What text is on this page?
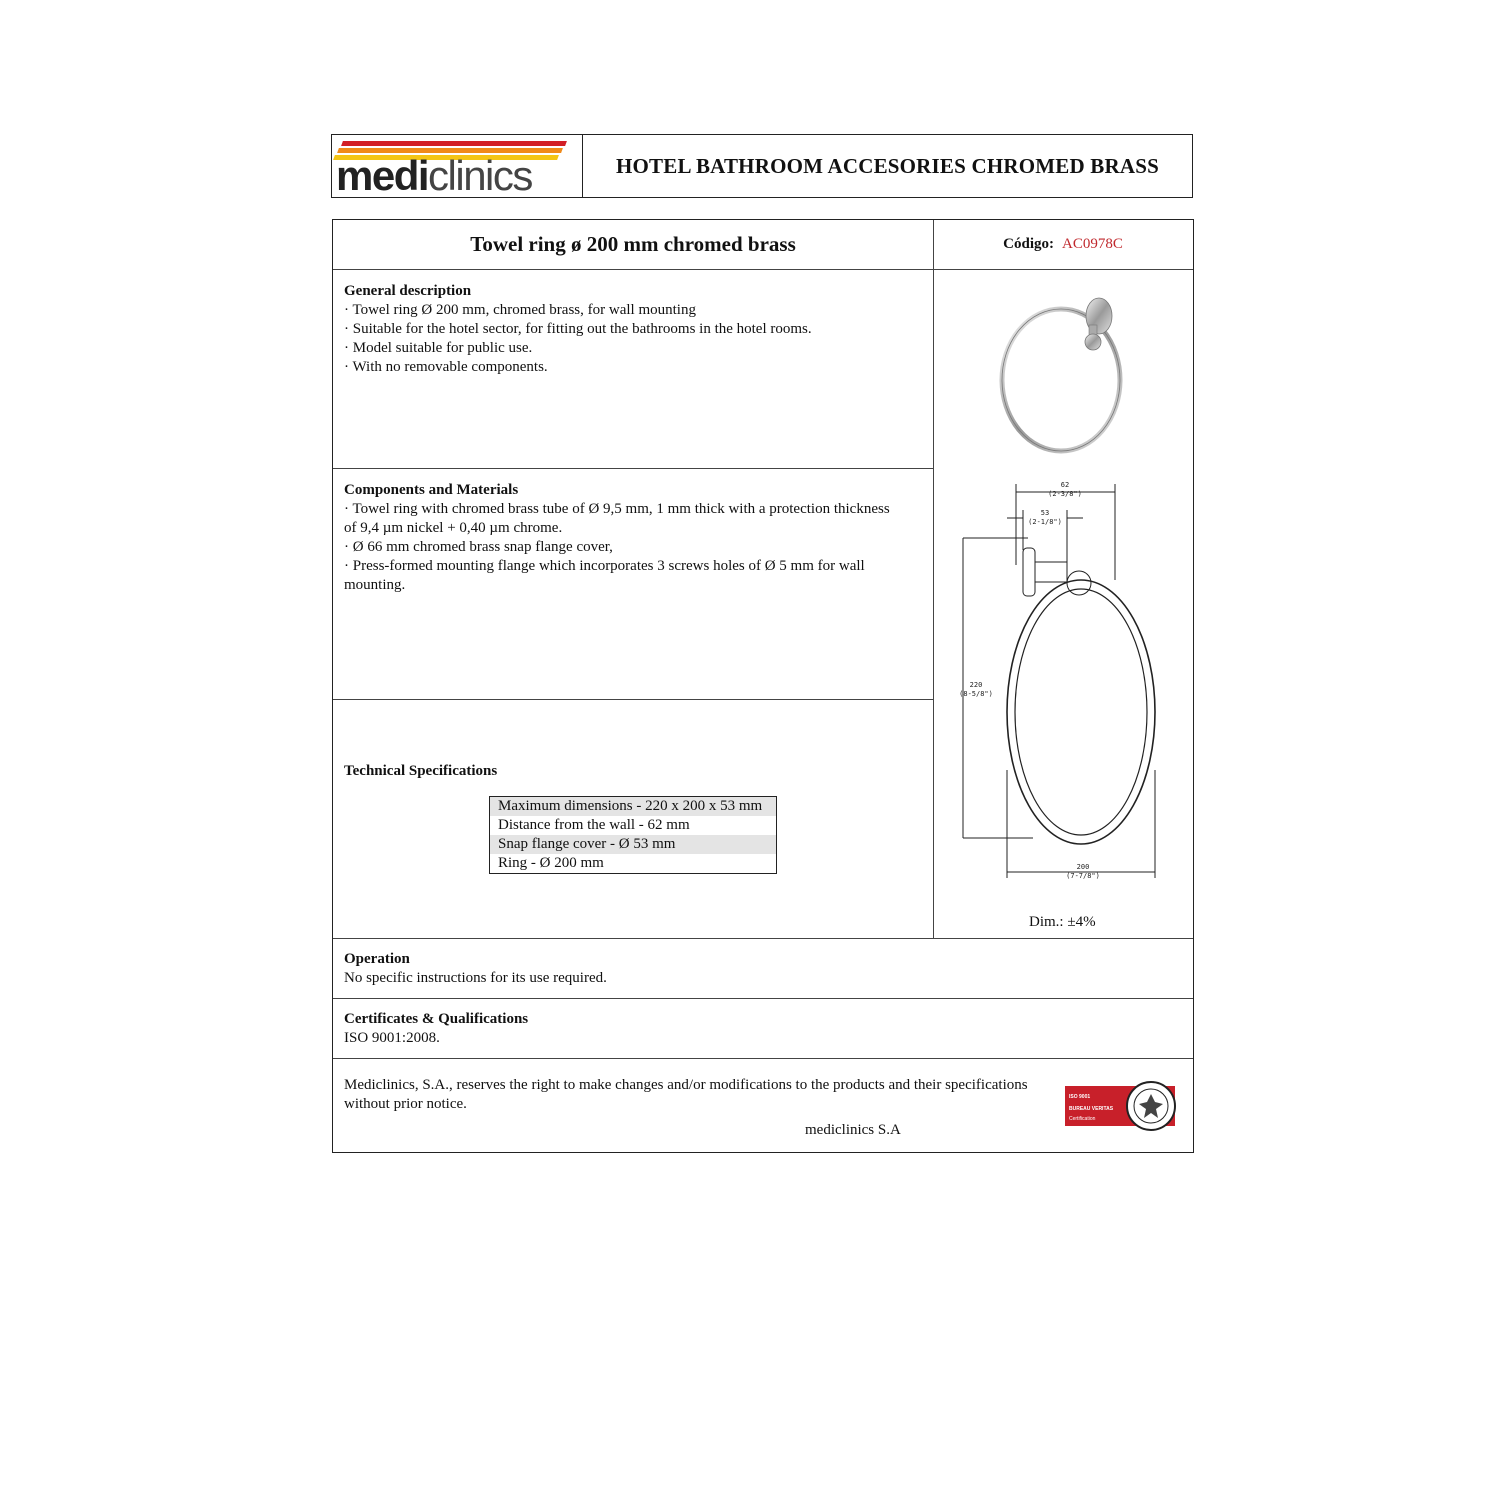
mediclinics	HOTEL BATHROOM ACCESORIES CHROMED BRASS
Towel ring ø 200 mm chromed brass	Código: AC0978C

General description

· Towel ring Ø 200 mm, chromed brass, for wall mounting

· Suitable for the hotel sector, for fitting out the bathrooms in the hotel rooms.

· Model suitable for public use.

· With no removable components.

Components and Materials

· Towel ring with chromed brass tube of Ø 9,5 mm, 1 mm thick with a protection thickness

of 9,4 µm nickel + 0,40 µm chrome.

· Ø 66 mm chromed brass snap flange cover,

· Press-formed mounting flange which incorporates 3 screws holes of Ø 5 mm for wall

mounting.

Technical Specifications

Maximum dimensions - 220 x 200 x 53 mm
Distance from the wall - 62 mm
Snap flange cover - Ø 53 mm
Ring - Ø 200 mm
62
(2-3/8")
53
(2-1/8")
220
(8-5/8")
200
(7-7/8")
Dim.: ±4%

Operation

No specific instructions for its use required.

Certificates & Qualifications

ISO 9001:2008.

Mediclinics, S.A., reserves the right to make changes and/or modifications to the products and their specifications
without prior notice.
mediclinics S.A
ISO 9001
BUREAU VERITAS
Certification
